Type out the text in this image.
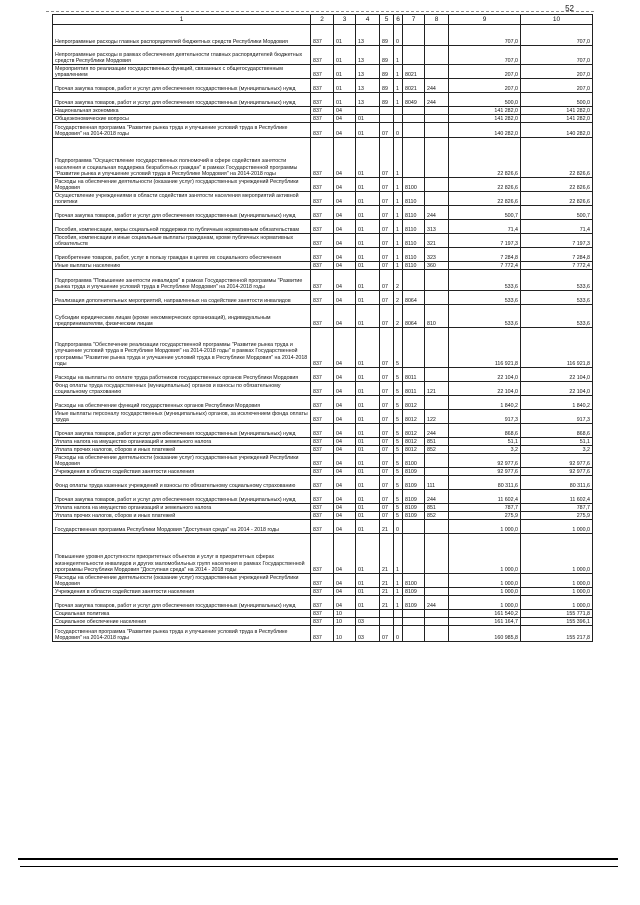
52
1	2	3	4	5	6	7	8	9	10
Непрограммные расходы главных распорядителей бюджетных средств Республики Мордовия	837	01	13	89	0			707,0	707,0
Непрограммные расходы в рамках обеспечения деятельности главных распорядителей бюджетных средств Республики Мордовия	837	01	13	89	1			707,0	707,0
Мероприятия по реализации государственных функций, связанных с общегосударственным управлением	837	01	13	89	1	8021		207,0	207,0
Прочая закупка товаров, работ и услуг для обеспечения государственных (муниципальных) нужд	837	01	13	89	1	8021	244	207,0	207,0
Прочая закупка товаров, работ и услуг для обеспечения государственных (муниципальных) нужд	837	01	13	89	1	8049	244	500,0	500,0
Национальная экономика	837	04						141 282,0	141 282,0
Общеэкономические вопросы	837	04	01					141 282,0	141 282,0
Государственная программа "Развитие рынка труда и улучшение условий труда в Республике Мордовия" на 2014-2018 годы	837	04	01	07	0			140 282,0	140 282,0
Подпрограмма "Осуществление государственных полномочий в сфере содействия занятости населения и социальная поддержка безработных граждан" в рамках Государственной программы "Развитие рынка и улучшение условий труда в Республике Мордовия" на 2014-2018 годы	837	04	01	07	1			22 826,6	22 826,6
Расходы на обеспечение деятельности (оказание услуг) государственных учреждений Республики Мордовия	837	04	01	07	1	8100		22 826,6	22 826,6
Осуществление учреждениями в области содействия занятости населения мероприятий активной политики	837	04	01	07	1	8110		22 826,6	22 826,6
Прочая закупка товаров, работ и услуг для обеспечения государственных (муниципальных) нужд	837	04	01	07	1	8110	244	500,7	500,7
Пособия, компенсации, меры социальной поддержки по публичным нормативным обязательствам	837	04	01	07	1	8110	313	71,4	71,4
Пособия, компенсации и иные социальные выплаты гражданам, кроме публичных нормативных обязательств	837	04	01	07	1	8110	321	7 197,3	7 197,3
Приобретение товаров, работ, услуг в пользу граждан в целях их социального обеспечения	837	04	01	07	1	8110	323	7 284,8	7 284,8
Иные выплаты населению	837	04	01	07	1	8110	360	7 772,4	7 772,4
Подпрограмма "Повышение занятости инвалидов" в рамках Государственной программы "Развитие рынка труда и улучшение условий труда в Республике Мордовия" на 2014-2018 годы	837	04	01	07	2			533,6	533,6
Реализация дополнительных мероприятий, направленных на содействие занятости инвалидов	837	04	01	07	2	8064		533,6	533,6
Субсидии юридическим лицам (кроме некоммерческих организаций), индивидуальным предпринимателям, физическим лицам	837	04	01	07	2	8064	810	533,6	533,6
Подпрограмма "Обеспечение реализации государственной программы "Развитие рынка труда и улучшение условий труда в Республике Мордовия" на 2014-2018 годы" в рамках Государственной программы "Развитие рынка труда и улучшение условий труда в Республике Мордовия" на 2014-2018 годы	837	04	01	07	5			116 921,8	116 921,8
Расходы на выплаты по оплате труда работников государственных органов Республики Мордовия	837	04	01	07	5	8011		22 104,0	22 104,0
Фонд оплаты труда государственных (муниципальных) органов и взносы по обязательному социальному страхованию	837	04	01	07	5	8011	121	22 104,0	22 104,0
Расходы на обеспечение функций государственных органов Республики Мордовия	837	04	01	07	5	8012		1 840,2	1 840,2
Иные выплаты персоналу государственных (муниципальных) органов, за исключением фонда оплаты труда	837	04	01	07	5	8012	122	917,3	917,3
Прочая закупка товаров, работ и услуг для обеспечения государственных (муниципальных) нужд	837	04	01	07	5	8012	244	868,6	868,6
Уплата налога на имущество организаций и земельного налога	837	04	01	07	5	8012	851	51,1	51,1
Уплата прочих налогов, сборов и иных платежей	837	04	01	07	5	8012	852	3,2	3,2
Расходы на обеспечение деятельности (оказание услуг) государственных учреждений Республики Мордовия	837	04	01	07	5	8100		92 977,6	92 977,6
Учреждения в области содействия занятости населения	837	04	01	07	5	8109		92 977,6	92 977,6
Фонд оплаты труда казенных учреждений и взносы по обязательному социальному страхованию	837	04	01	07	5	8109	111	80 311,6	80 311,6
Прочая закупка товаров, работ и услуг для обеспечения государственных (муниципальных) нужд	837	04	01	07	5	8109	244	11 602,4	11 602,4
Уплата налога на имущество организаций и земельного налога	837	04	01	07	5	8109	851	787,7	787,7
Уплата прочих налогов, сборов и иных платежей	837	04	01	07	5	8109	852	275,9	275,9
Государственная программа Республики Мордовия "Доступная среда" на 2014 - 2018 годы	837	04	01	21	0			1 000,0	1 000,0
Повышение уровня доступности приоритетных объектов и услуг в приоритетных сферах жизнедеятельности инвалидов и других маломобильных групп населения в рамках Государственной программы Республики Мордовия "Доступная среда" на 2014 - 2018 годы	837	04	01	21	1			1 000,0	1 000,0
Расходы на обеспечение деятельности (оказание услуг) государственных учреждений Республики Мордовия	837	04	01	21	1	8100		1 000,0	1 000,0
Учреждения в области содействия занятости населения	837	04	01	21	1	8109		1 000,0	1 000,0
Прочая закупка товаров, работ и услуг для обеспечения государственных (муниципальных) нужд	837	04	01	21	1	8109	244	1 000,0	1 000,0
Социальная политика	837	10						161 540,2	155 771,8
Социальное обеспечение населения	837	10	03					161 164,7	155 396,1
Государственная программа "Развитие рынка труда и улучшение условий труда в Республике Мордовия" на 2014-2018 годы	837	10	03	07	0			160 985,8	155 217,8
